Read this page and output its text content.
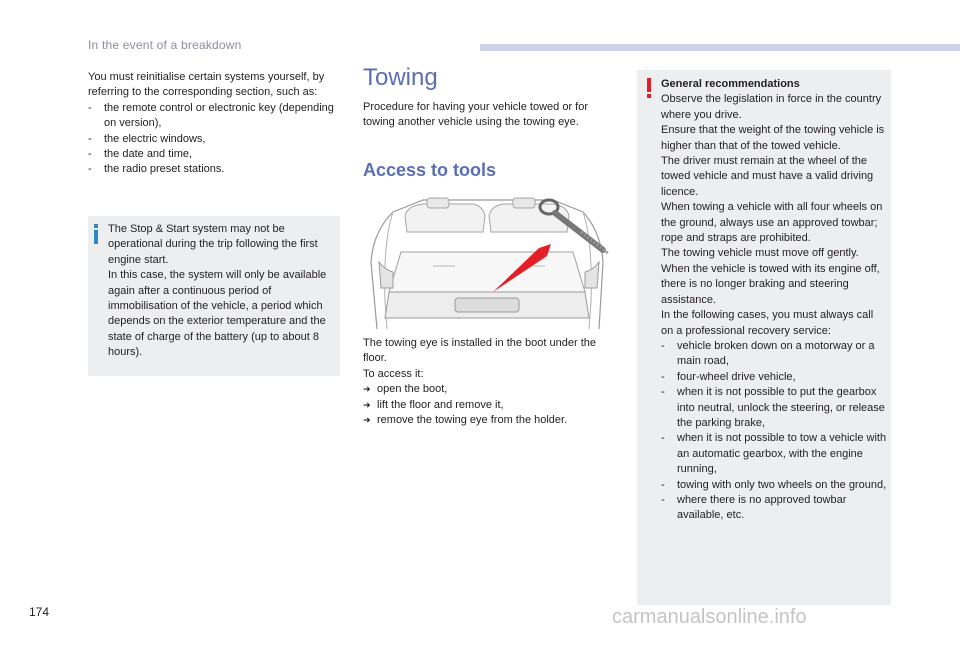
In the event of a breakdown

You must reinitialise certain systems yourself, by referring to the corresponding section, such as:

-	the remote control or electronic key (depending on version),
-	the electric windows,
-	the date and time,
-	the radio preset stations.

The Stop & Start system may not be operational during the trip following the first engine start.

In this case, the system will only be available again after a continuous period of immobilisation of the vehicle, a period which depends on the exterior temperature and the state of charge of the battery (up to about 8 hours).

Towing

Procedure for having your vehicle towed or for towing another vehicle using the towing eye.

Access to tools

The towing eye is installed in the boot under the floor.

To access it:

➜ open the boot,
➜ lift the floor and remove it,
➜ remove the towing eye from the holder.

General recommendations

Observe the legislation in force in the country where you drive.

Ensure that the weight of the towing vehicle is higher than that of the towed vehicle.

The driver must remain at the wheel of the towed vehicle and must have a valid driving licence.

When towing a vehicle with all four wheels on the ground, always use an approved towbar; rope and straps are prohibited.

The towing vehicle must move off gently.

When the vehicle is towed with its engine off, there is no longer braking and steering assistance.

In the following cases, you must always call on a professional recovery service:

-	vehicle broken down on a motorway or a main road,
-	four-wheel drive vehicle,
-	when it is not possible to put the gearbox into neutral, unlock the steering, or release the parking brake,
-	when it is not possible to tow a vehicle with an automatic gearbox, with the engine running,
-	towing with only two wheels on the ground,
-	where there is no approved towbar available, etc.
174	carmanualsonline.info
